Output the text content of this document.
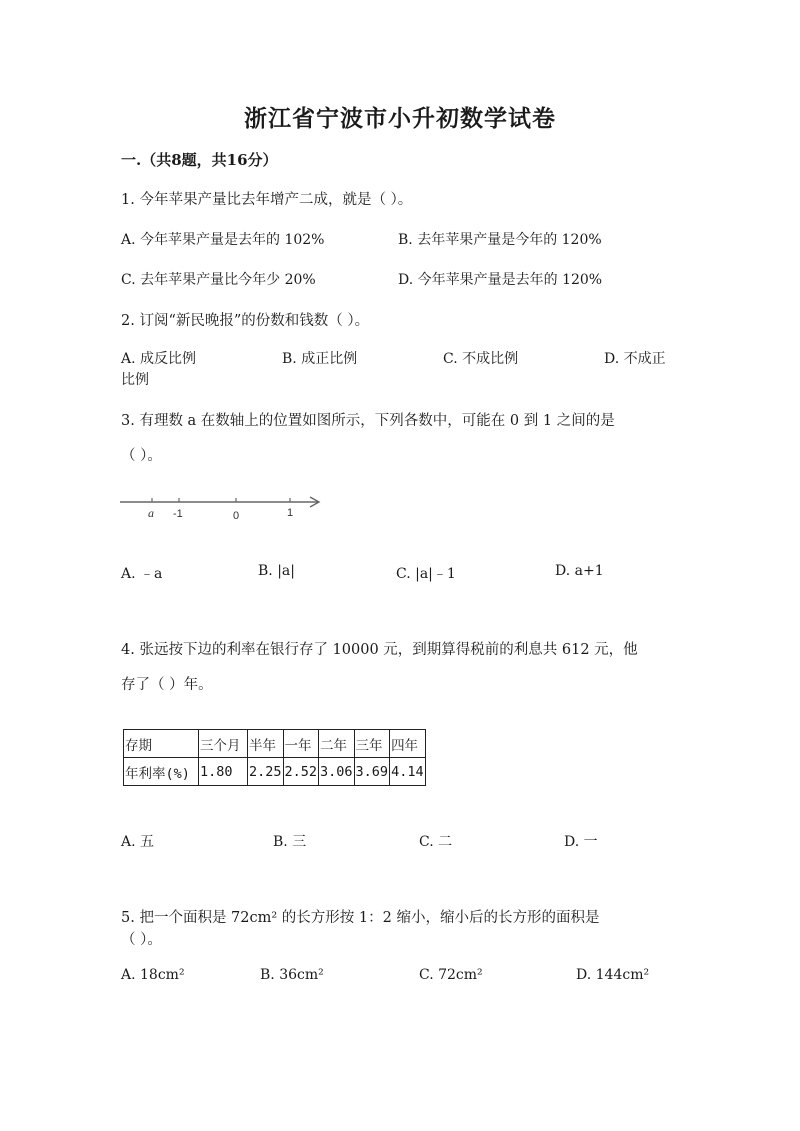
浙江省宁波市小升初数学试卷
一.（共8题，共16分）
1. 今年苹果产量比去年增产二成，就是（ ）。
A. 今年苹果产量是去年的 102%	B. 去年苹果产量是今年的 120%
C. 去年苹果产量比今年少 20%	D. 今年苹果产量是去年的 120%
2. 订阅“新民晚报”的份数和钱数（ ）。
A. 成反比例	B. 成正比例	C. 不成比例	D. 不成正
比例
3. 有理数 a 在数轴上的位置如图所示，下列各数中，可能在 0 到 1 之间的是
（ ）。
a -1	0	1
A. ﹣a	B. |a|	C. |a|﹣1	D. a+1
4. 张远按下边的利率在银行存了 10000 元，到期算得税前的利息共 612 元，他
存了（ ）年。
存期	三个月	半年	一年	二年	三年	四年
年利率(%)	1.80	2.25	2.52	3.06	3.69	4.14
A. 五	B. 三	C. 二	D. 一
5. 把一个面积是 72cm² 的长方形按 1：2 缩小，缩小后的长方形的面积是
（ ）。
A. 18cm²	B. 36cm²	C. 72cm²	D. 144cm²
